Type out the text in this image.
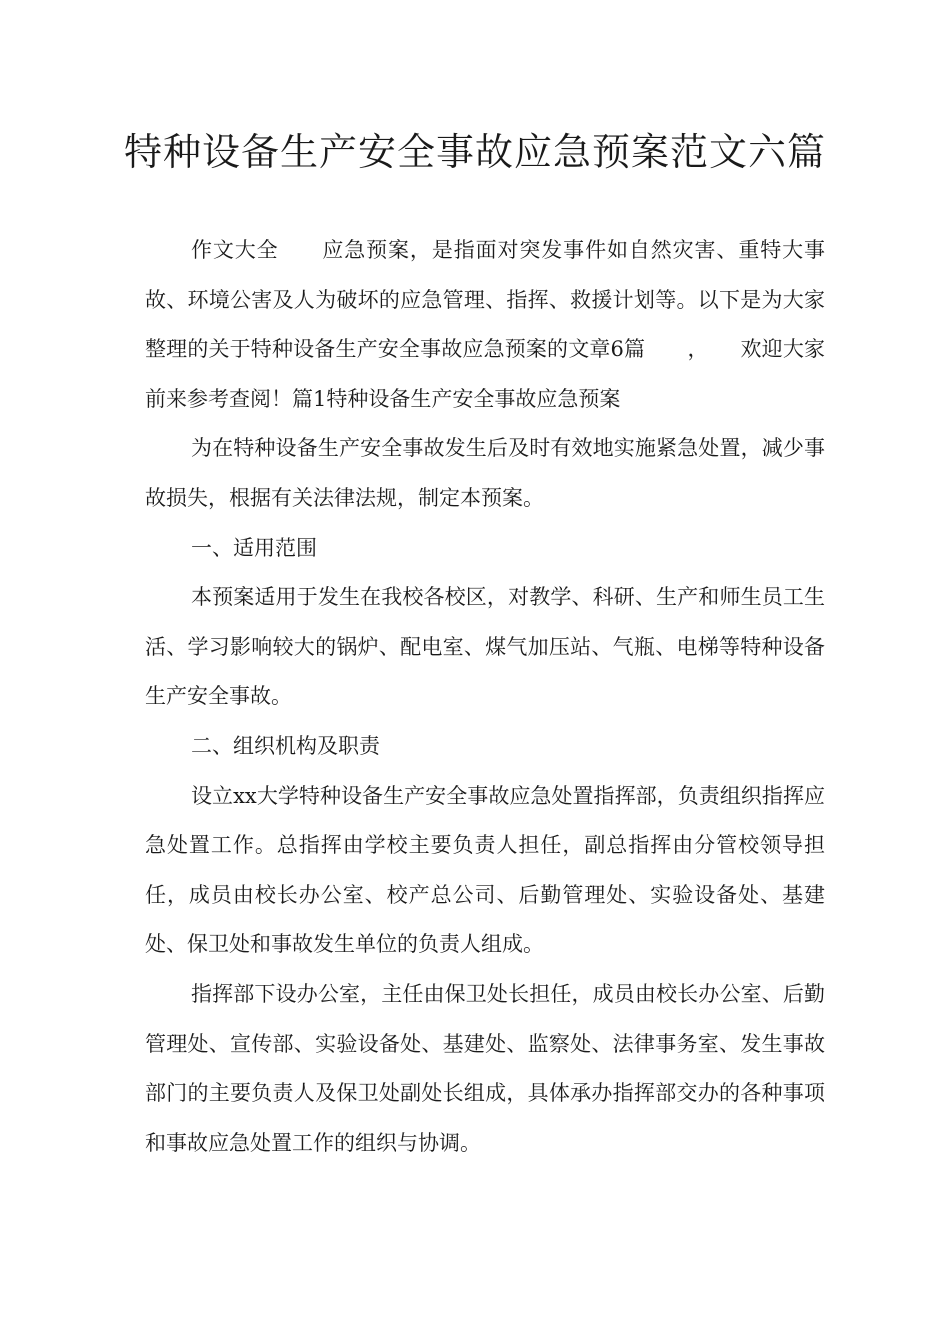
特种设备生产安全事故应急预案范文六篇

作文大全　　应急预案，是指面对突发事件如自然灾害、重特大事故、环境公害及人为破坏的应急管理、指挥、救援计划等。以下是为大家整理的关于特种设备生产安全事故应急预案的文章6篇　　，　　欢迎大家前来参考查阅！篇1特种设备生产安全事故应急预案

为在特种设备生产安全事故发生后及时有效地实施紧急处置，减少事故损失，根据有关法律法规，制定本预案。

一、适用范围

本预案适用于发生在我校各校区，对教学、科研、生产和师生员工生活、学习影响较大的锅炉、配电室、煤气加压站、气瓶、电梯等特种设备生产安全事故。

二、组织机构及职责

设立xx大学特种设备生产安全事故应急处置指挥部，负责组织指挥应急处置工作。总指挥由学校主要负责人担任，副总指挥由分管校领导担任，成员由校长办公室、校产总公司、后勤管理处、实验设备处、基建处、保卫处和事故发生单位的负责人组成。

指挥部下设办公室，主任由保卫处长担任，成员由校长办公室、后勤管理处、宣传部、实验设备处、基建处、监察处、法律事务室、发生事故部门的主要负责人及保卫处副处长组成，具体承办指挥部交办的各种事项和事故应急处置工作的组织与协调。
